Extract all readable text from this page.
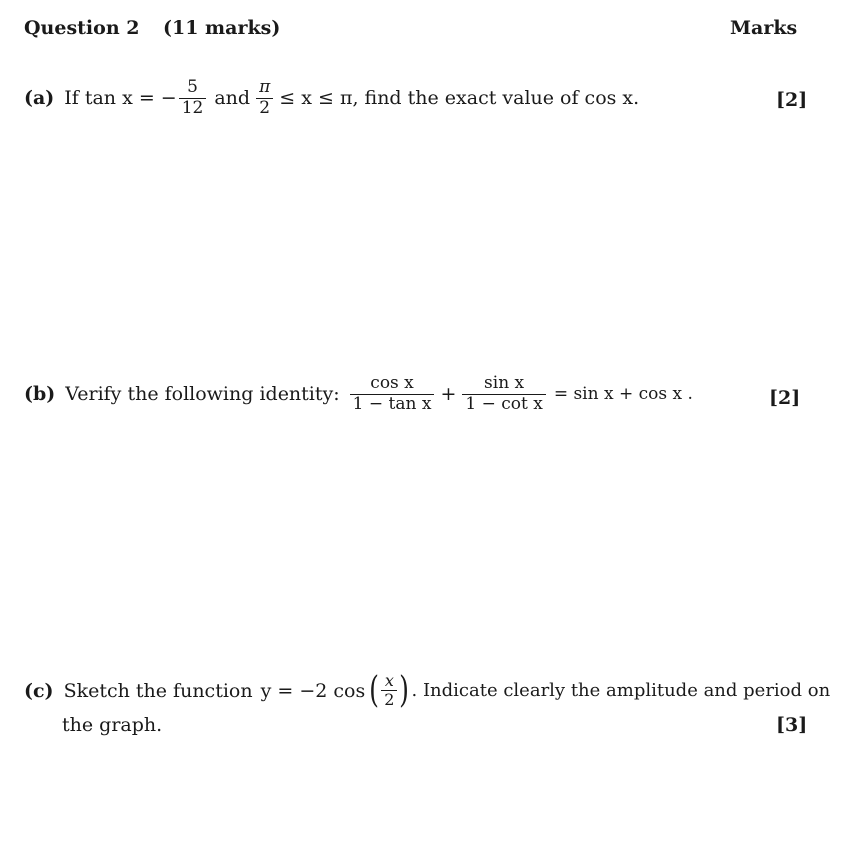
Question 2 (11 marks)	Marks
(a) If tan x = − $\frac{5}{12}$ and $\frac{\pi}{2} \le x \le \pi$, find the exact value of cos x.	[2]
(b) Verify the following identity: $\frac{\text{cos x}}{\text{1 − tan x}} + \frac{\text{sin x}}{\text{1 − cot x}} = \sin x + \cos x$ .	[2]
(c) Sketch the function y = −2 cos ( $\frac{x}{2}$ ) . Indicate clearly the amplitude and period on
the graph.	[3]
